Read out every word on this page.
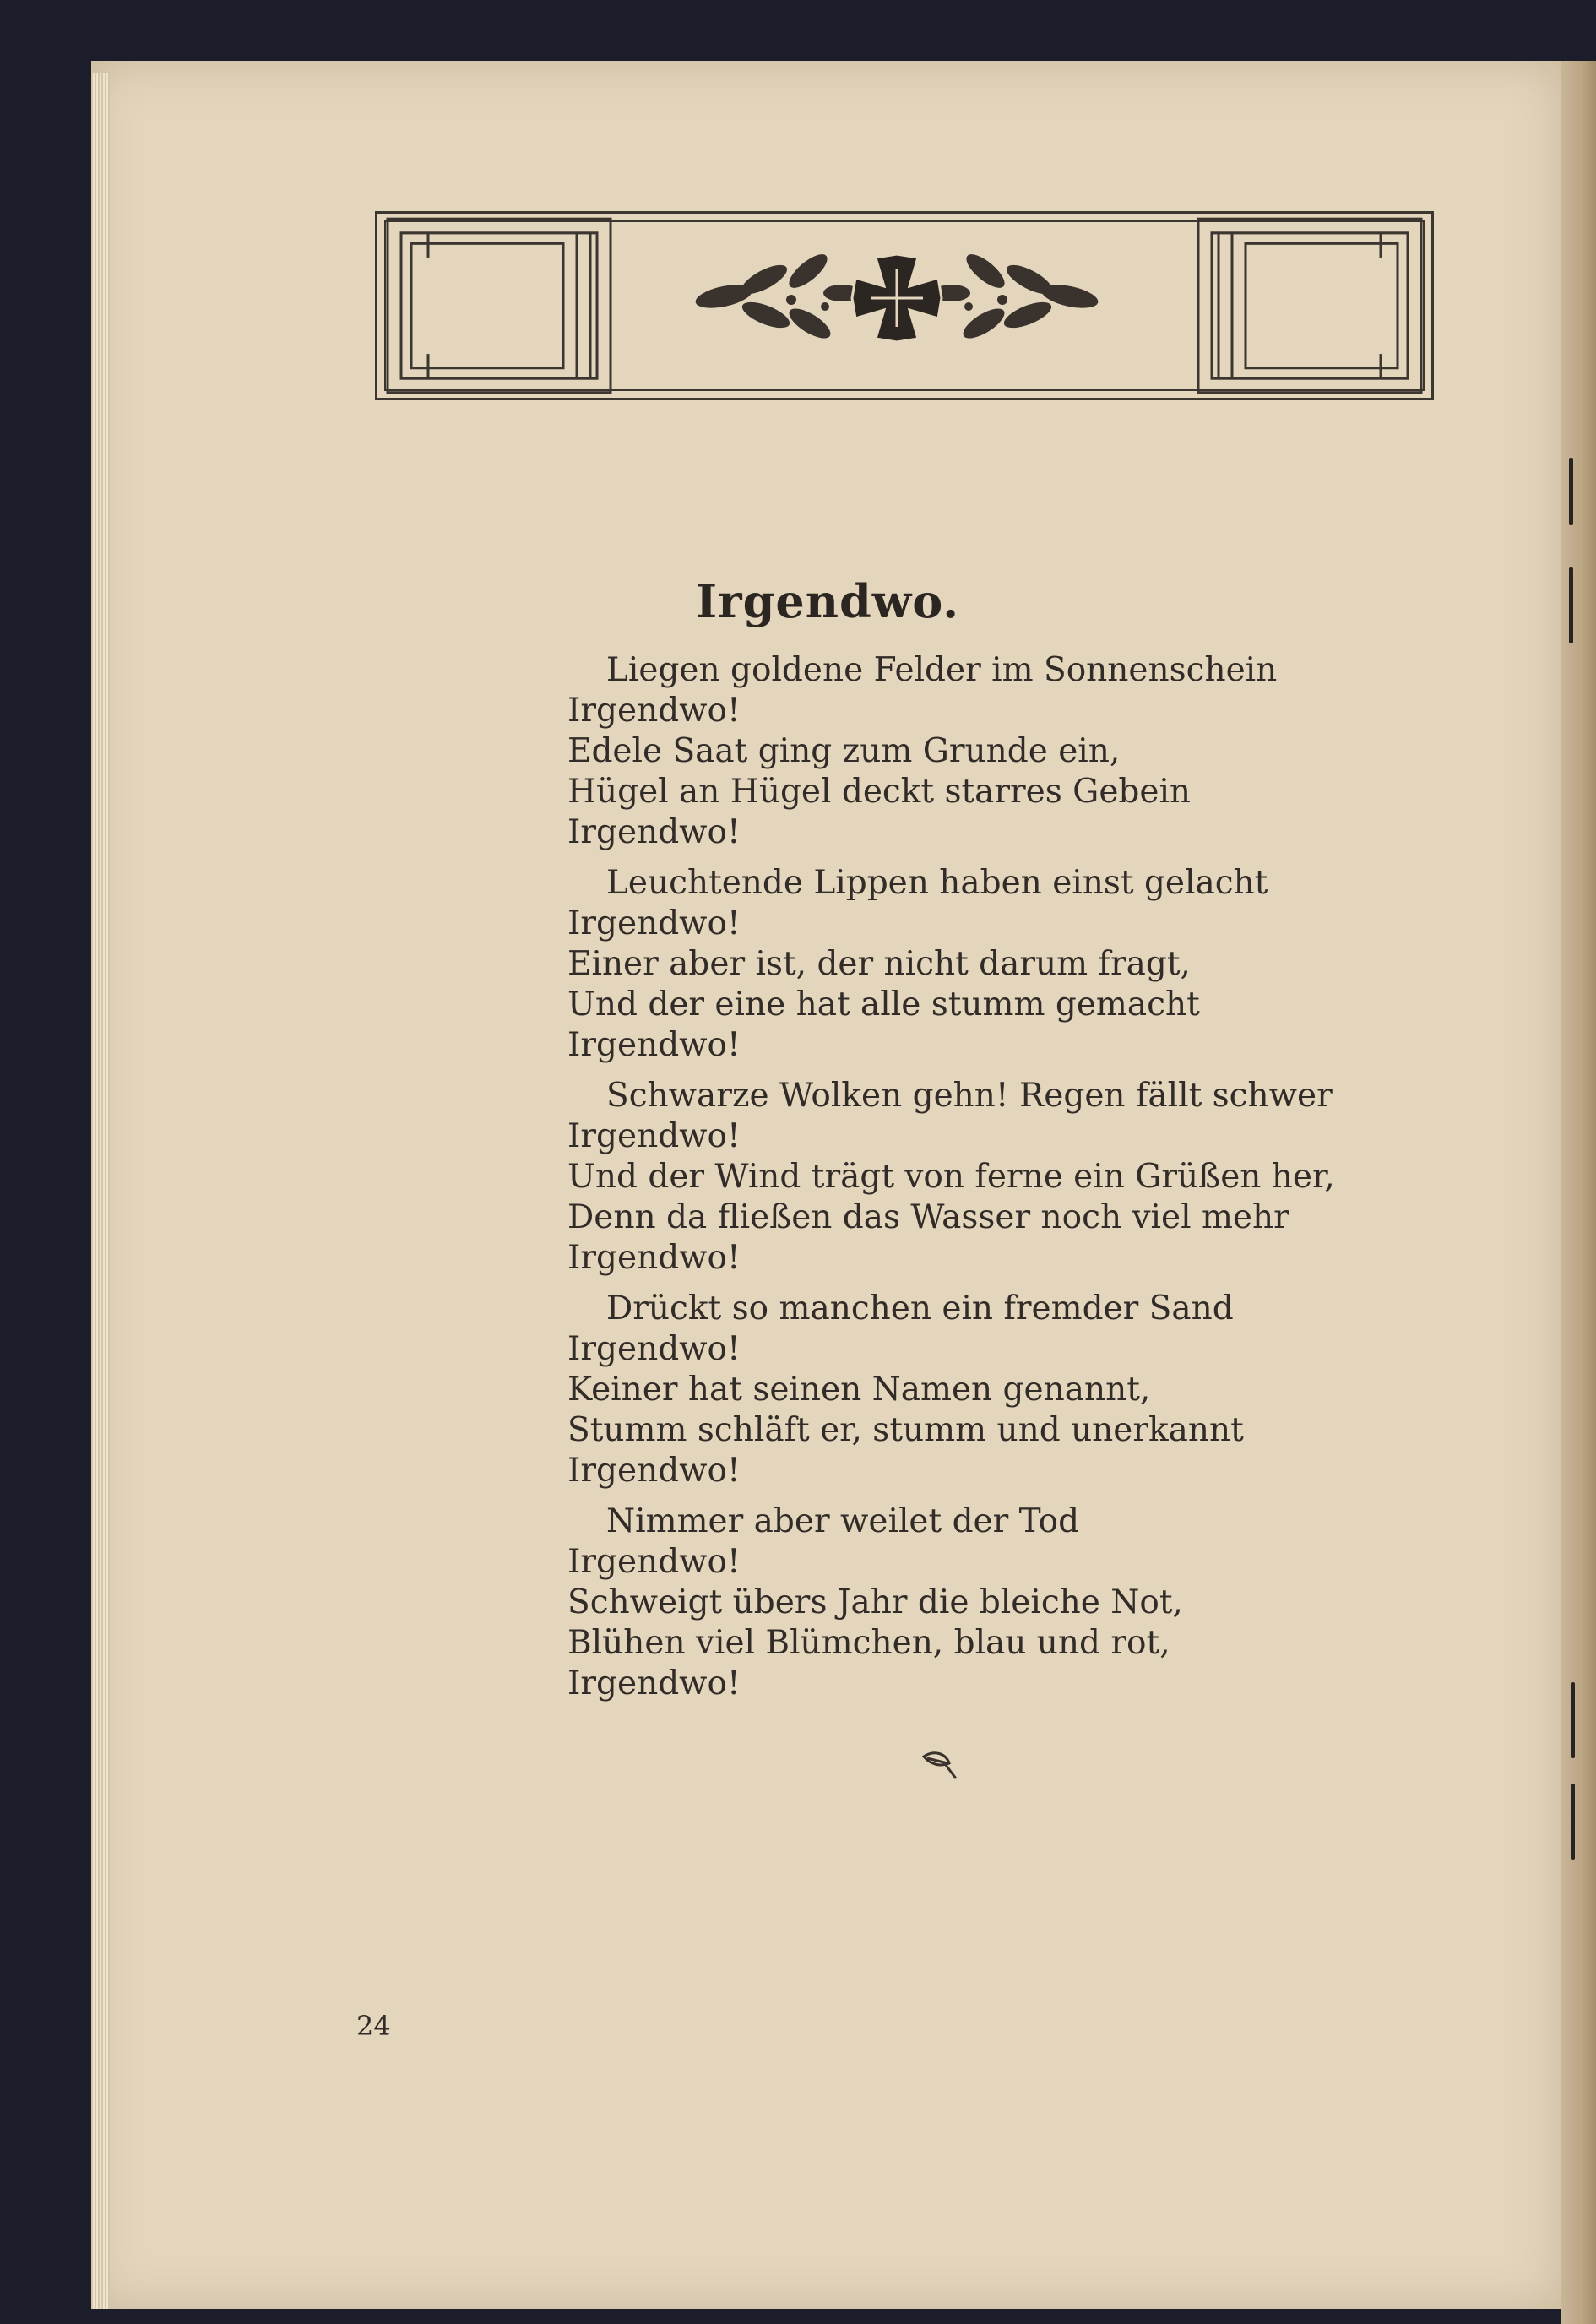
Irgendwo.
Liegen goldene Felder im Sonnenschein
Irgendwo!
Edele Saat ging zum Grunde ein,
Hügel an Hügel deckt starres Gebein
Irgendwo!
Leuchtende Lippen haben einst gelacht
Irgendwo!
Einer aber ist, der nicht darum fragt,
Und der eine hat alle stumm gemacht
Irgendwo!
Schwarze Wolken gehn! Regen fällt schwer
Irgendwo!
Und der Wind trägt von ferne ein Grüßen her,
Denn da fließen das Wasser noch viel mehr
Irgendwo!
Drückt so manchen ein fremder Sand
Irgendwo!
Keiner hat seinen Namen genannt,
Stumm schläft er, stumm und unerkannt
Irgendwo!
Nimmer aber weilet der Tod
Irgendwo!
Schweigt übers Jahr die bleiche Not,
Blühen viel Blümchen, blau und rot,
Irgendwo!
24
